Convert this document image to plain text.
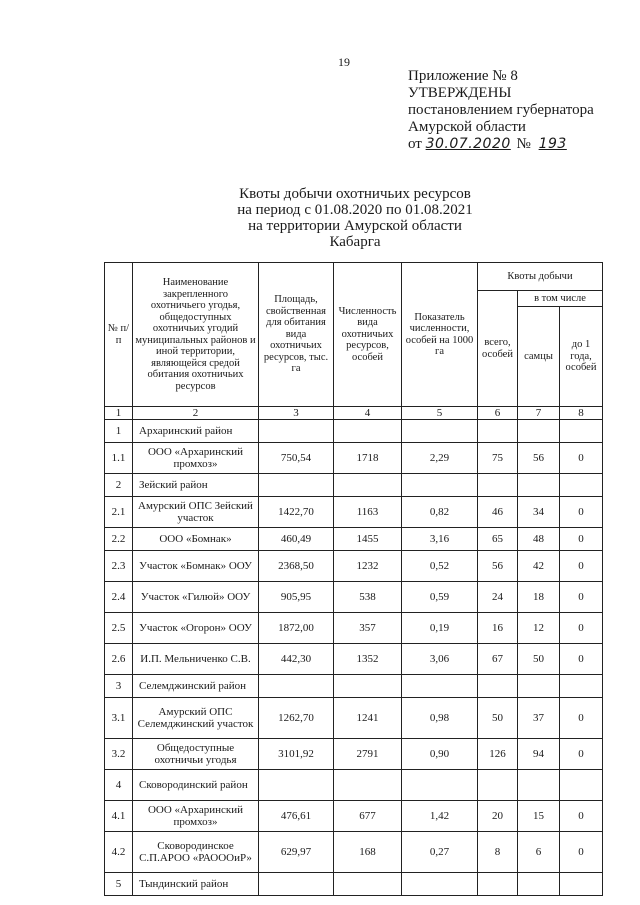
19
Приложение № 8
УТВЕРЖДЕНЫ
постановлением губернатора
Амурской области
от 30.07.2020 № 193
Квоты добычи охотничьих ресурсов
на период с 01.08.2020 по 01.08.2021
на территории Амурской области
Кабарга
№ п/п	Наименование закрепленного охотничьего угодья, общедоступных охотничьих угодий муниципальных районов и иной территории, являющейся средой обитания охотничьих ресурсов	Площадь, свойственная для обитания вида охотничьих ресурсов, тыс. га	Численность вида охотничьих ресурсов, особей	Показатель численности, особей на 1000 га	Квоты добычи		
					всего, особей	в том числе	
						самцы	до 1 года, особей
1	2	3	4	5	6	7	8
1	Архаринский район						
1.1	ООО «Архаринский промхоз»	750,54	1718	2,29	75	56	0
2	Зейский район						
2.1	Амурский ОПС Зейский участок	1422,70	1163	0,82	46	34	0
2.2	ООО «Бомнак»	460,49	1455	3,16	65	48	0
2.3	Участок «Бомнак» ООУ	2368,50	1232	0,52	56	42	0
2.4	Участок «Гилюй» ООУ	905,95	538	0,59	24	18	0
2.5	Участок «Огорон» ООУ	1872,00	357	0,19	16	12	0
2.6	И.П. Мельниченко С.В.	442,30	1352	3,06	67	50	0
3	Селемджинский район						
3.1	Амурский ОПС Селемджинский участок	1262,70	1241	0,98	50	37	0
3.2	Общедоступные охотничьи угодья	3101,92	2791	0,90	126	94	0
4	Сковородинский район						
4.1	ООО «Архаринский промхоз»	476,61	677	1,42	20	15	0
4.2	Сковородинское С.П.АРОО «РАОООиР»	629,97	168	0,27	8	6	0
5	Тындинский район						
